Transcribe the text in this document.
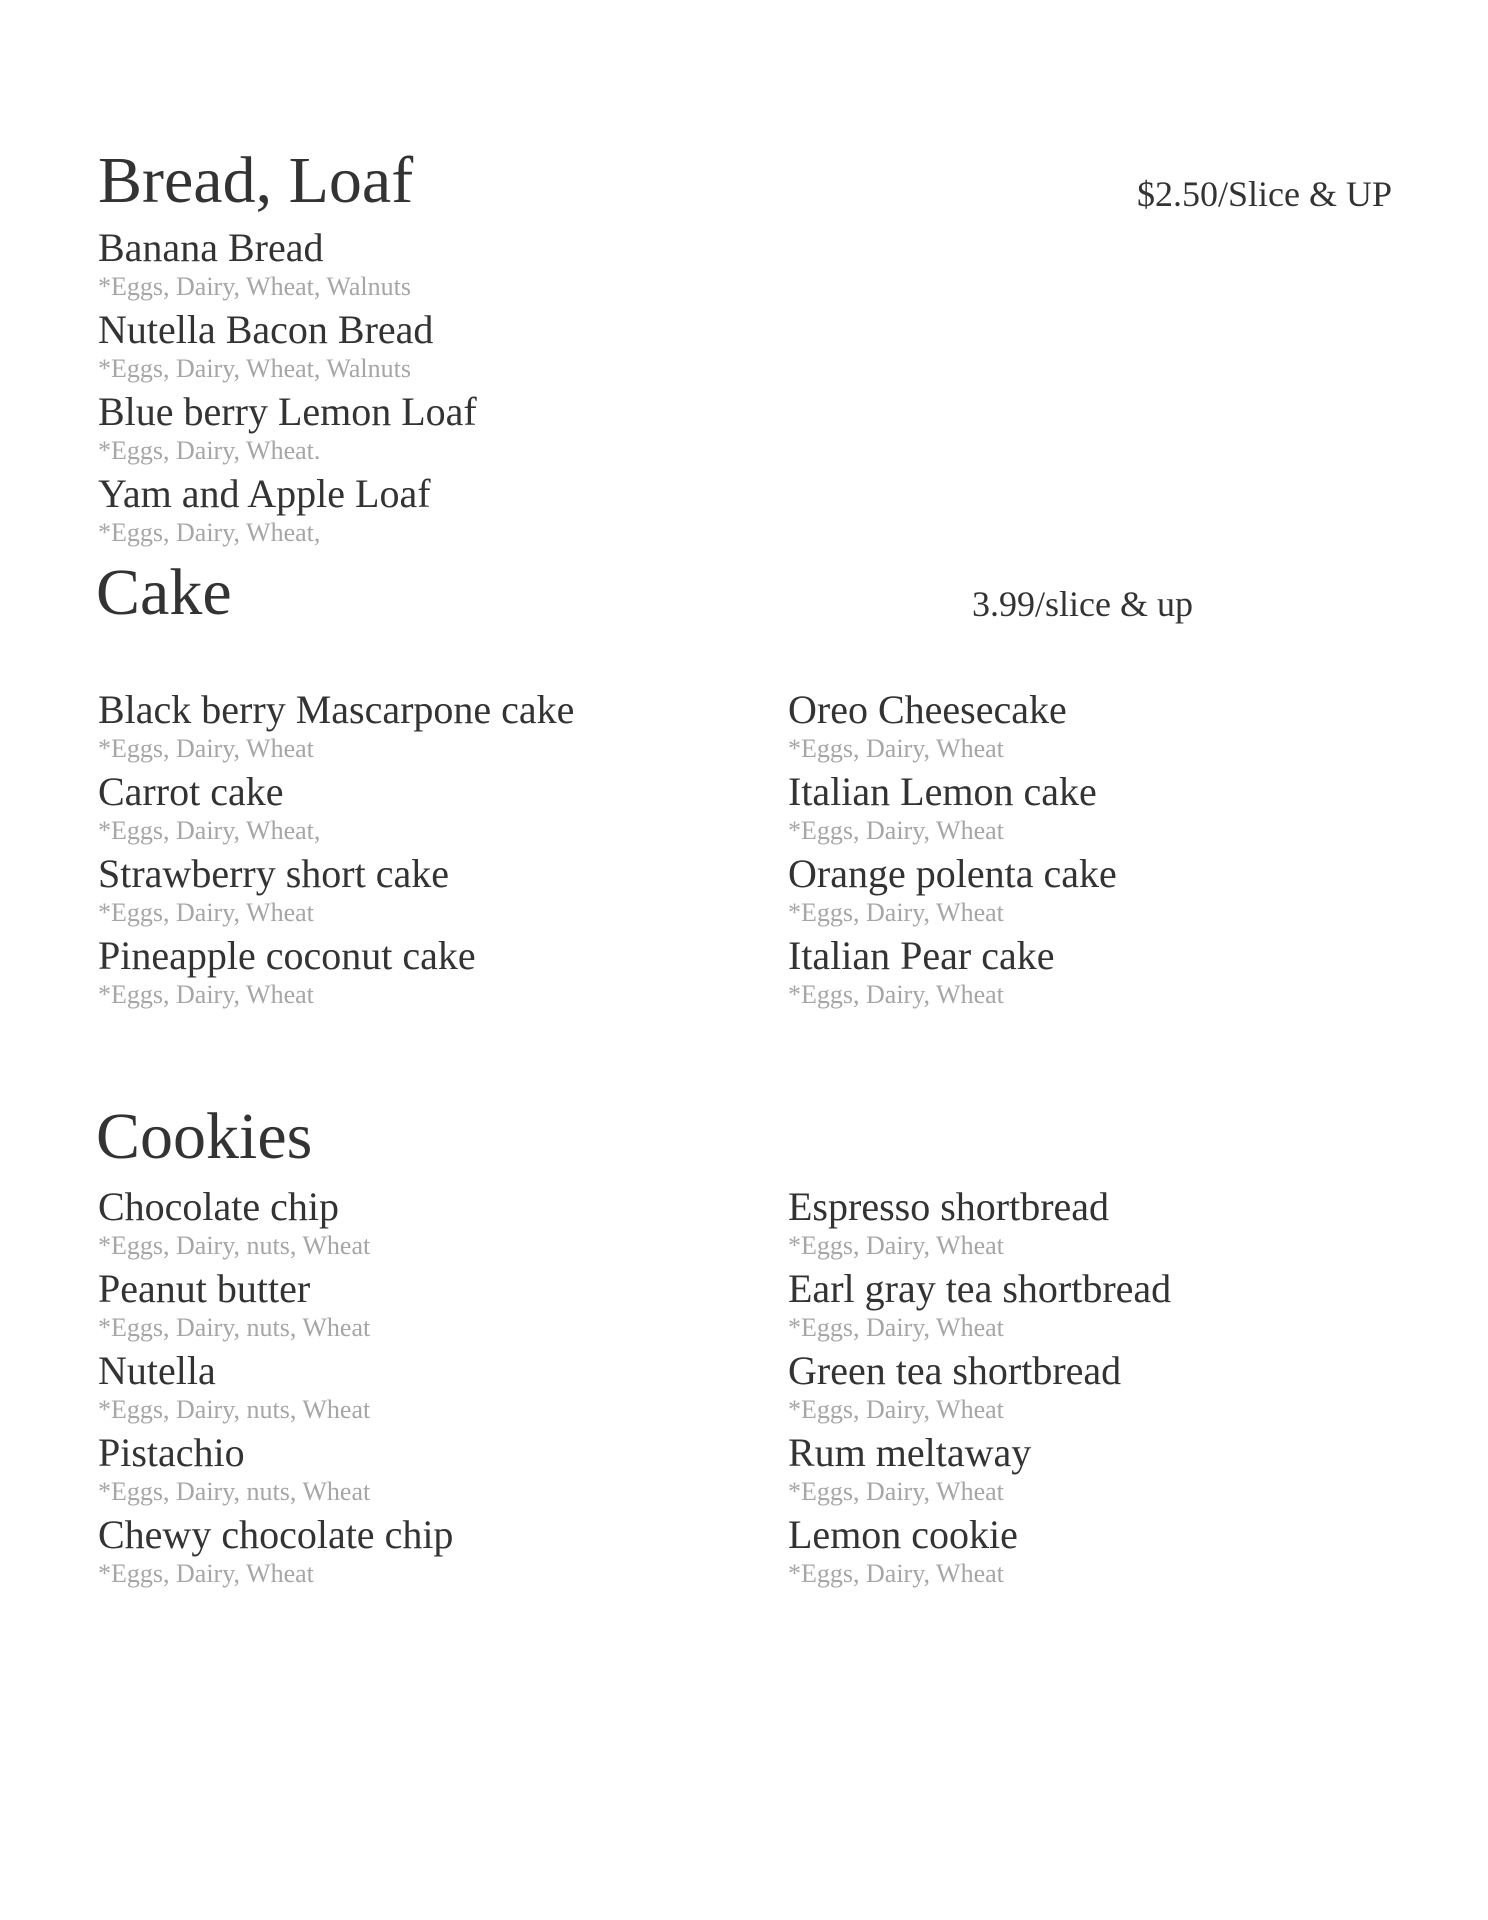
Bread, Loaf	$2.50/Slice & UP
Banana Bread
*Eggs, Dairy, Wheat, Walnuts
Nutella Bacon Bread
*Eggs, Dairy, Wheat, Walnuts
Blue berry Lemon Loaf
*Eggs, Dairy, Wheat.
Yam and Apple Loaf
*Eggs, Dairy, Wheat,
Cake	3.99/slice & up
Black berry Mascarpone cake
*Eggs, Dairy, Wheat
Carrot cake
*Eggs, Dairy, Wheat,
Strawberry short cake
*Eggs, Dairy, Wheat
Pineapple coconut cake
*Eggs, Dairy, Wheat
Oreo Cheesecake
*Eggs, Dairy, Wheat
Italian Lemon cake
*Eggs, Dairy, Wheat
Orange polenta cake
*Eggs, Dairy, Wheat
Italian Pear cake
*Eggs, Dairy, Wheat
Cookies
Chocolate chip
*Eggs, Dairy, nuts, Wheat
Peanut butter
*Eggs, Dairy, nuts, Wheat
Nutella
*Eggs, Dairy, nuts, Wheat
Pistachio
*Eggs, Dairy, nuts, Wheat
Chewy chocolate chip
*Eggs, Dairy, Wheat
Espresso shortbread
*Eggs, Dairy, Wheat
Earl gray tea shortbread
*Eggs, Dairy, Wheat
Green tea shortbread
*Eggs, Dairy, Wheat
Rum meltaway
*Eggs, Dairy, Wheat
Lemon cookie
*Eggs, Dairy, Wheat
